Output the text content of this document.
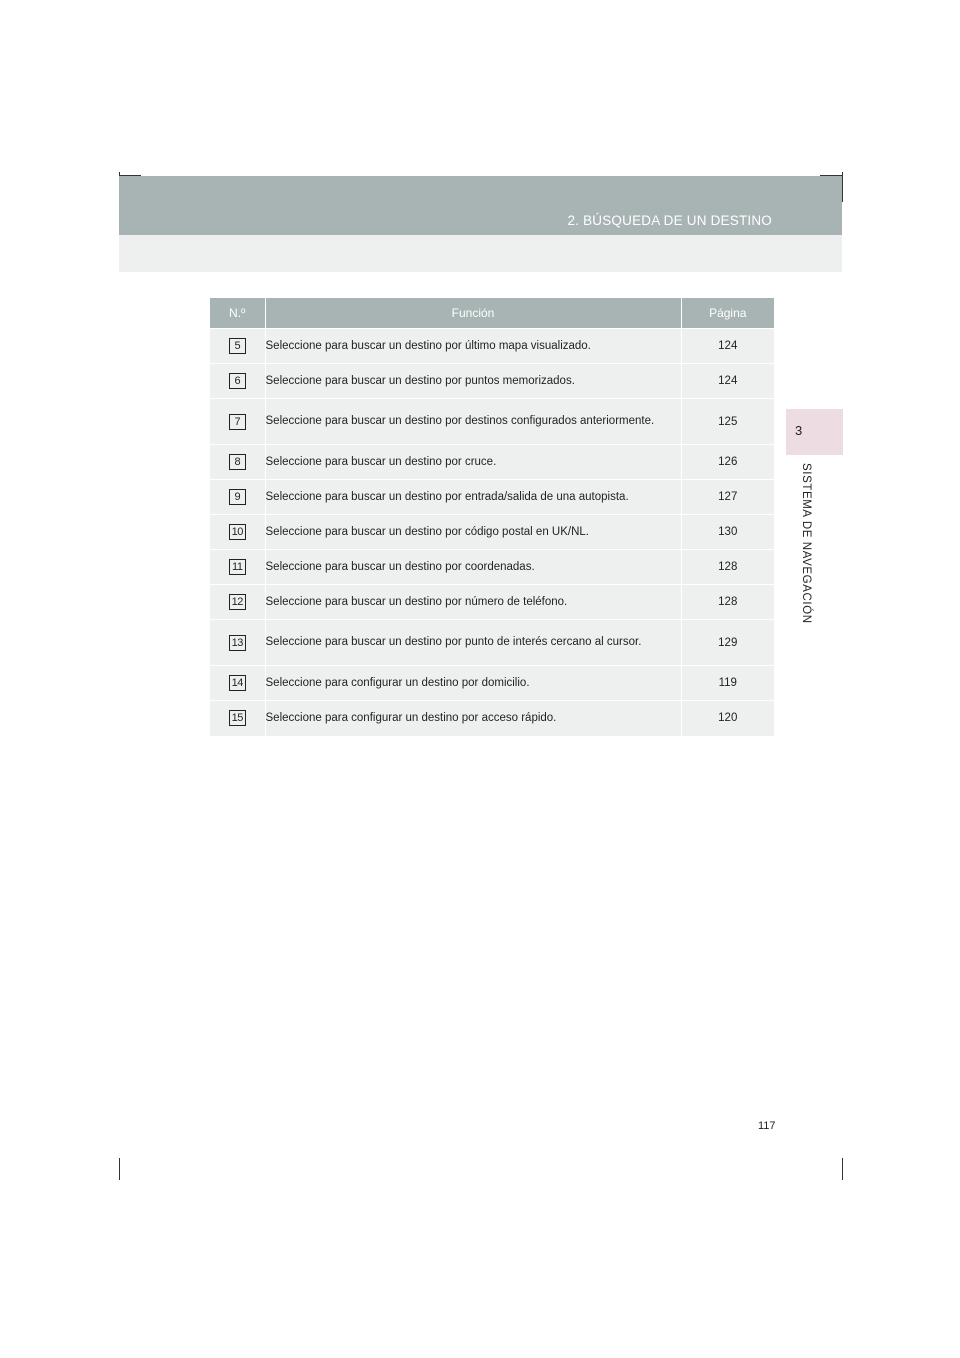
2. BÚSQUEDA DE UN DESTINO
3
SISTEMA DE NAVEGACIÓN
N.º	Función	Página
5	Seleccione para buscar un destino por último mapa visualizado.	124
6	Seleccione para buscar un destino por puntos memorizados.	124
7	Seleccione para buscar un destino por destinos configurados anteriormente.	125
8	Seleccione para buscar un destino por cruce.	126
9	Seleccione para buscar un destino por entrada/salida de una autopista.	127
10	Seleccione para buscar un destino por código postal en UK/NL.	130
11	Seleccione para buscar un destino por coordenadas.	128
12	Seleccione para buscar un destino por número de teléfono.	128
13	Seleccione para buscar un destino por punto de interés cercano al cursor.	129
14	Seleccione para configurar un destino por domicilio.	119
15	Seleccione para configurar un destino por acceso rápido.	120
117
